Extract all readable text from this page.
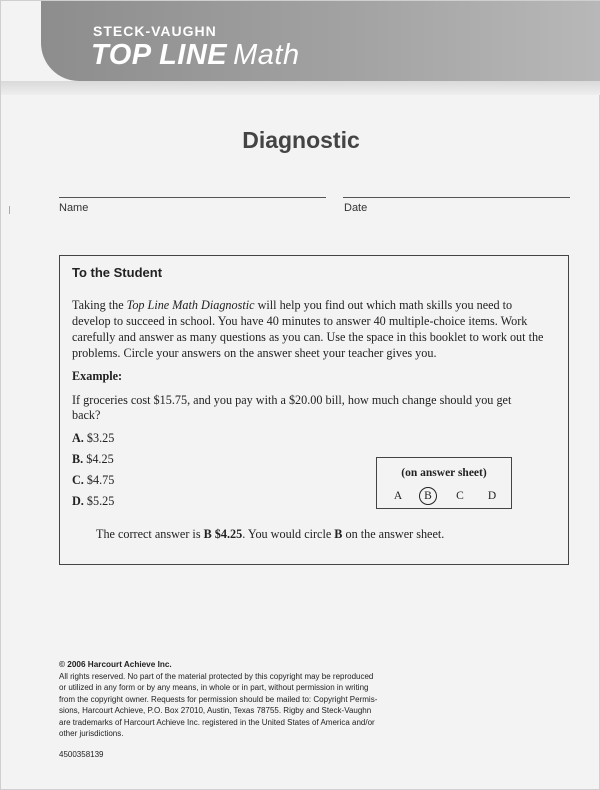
STECK-VAUGHN
TOP LINE Math
Diagnostic
Name	Date
To the Student
Taking the Top Line Math Diagnostic will help you find out which math skills you need to develop to succeed in school. You have 40 minutes to answer 40 multiple-choice items. Work carefully and answer as many questions as you can. Use the space in this booklet to work out the problems. Circle your answers on the answer sheet your teacher gives you.
Example:
If groceries cost $15.75, and you pay with a $20.00 bill, how much change should you get back?
A. $3.25
B. $4.25
C. $4.75
D. $5.25
(on answer sheet)
A	B	C	D
The correct answer is B $4.25. You would circle B on the answer sheet.
© 2006 Harcourt Achieve Inc.
All rights reserved. No part of the material protected by this copyright may be reproduced
or utilized in any form or by any means, in whole or in part, without permission in writing
from the copyright owner. Requests for permission should be mailed to: Copyright Permis-
sions, Harcourt Achieve, P.O. Box 27010, Austin, Texas 78755. Rigby and Steck-Vaughn
are trademarks of Harcourt Achieve Inc. registered in the United States of America and/or
other jurisdictions.
4500358139
